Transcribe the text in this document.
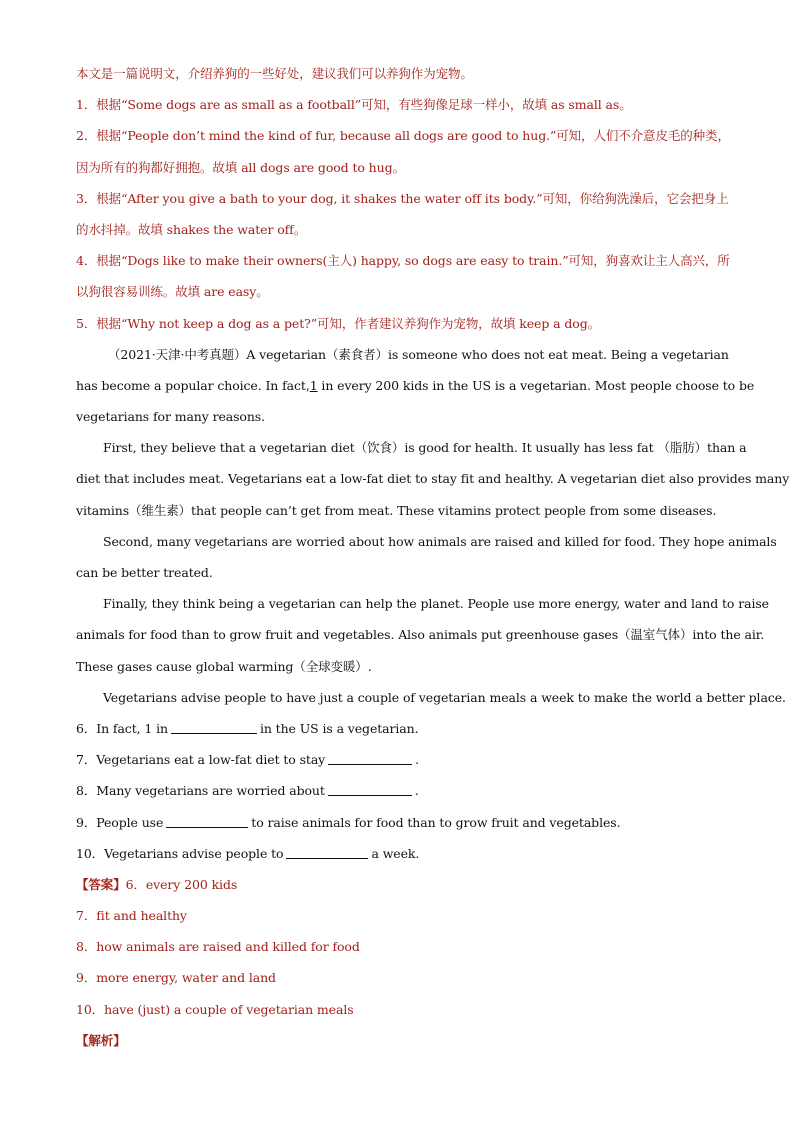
本文是一篇说明文，介绍养狗的一些好处，建议我们可以养狗作为宠物。
1．根据“Some dogs are as small as a football”可知，有些狗像足球一样小，故填 as small as。
2．根据“People don’t mind the kind of fur, because all dogs are good to hug.”可知，人们不介意皮毛的种类，
因为所有的狗都好拥抱。故填 all dogs are good to hug。
3．根据“After you give a bath to your dog, it shakes the water off its body.”可知，你给狗洗澡后，它会把身上
的水抖掉。故填 shakes the water off。
4．根据“Dogs like to make their owners(主人) happy, so dogs are easy to train.”可知，狗喜欢让主人高兴，所
以狗很容易训练。故填 are easy。
5．根据“Why not keep a dog as a pet?”可知，作者建议养狗作为宠物，故填 keep a dog。
（2021·天津·中考真题）A vegetarian（素食者）is someone who does not eat meat. Being a vegetarian
has become a popular choice. In fact,1 in every 200 kids in the US is a vegetarian. Most people choose to be
vegetarians for many reasons.
First, they believe that a vegetarian diet（饮食）is good for health. It usually has less fat （脂肪）than a
diet that includes meat. Vegetarians eat a low-fat diet to stay fit and healthy. A vegetarian diet also provides many
vitamins（维生素）that people can’t get from meat. These vitamins protect people from some diseases.
Second, many vegetarians are worried about how animals are raised and killed for food. They hope animals
can be better treated.
Finally, they think being a vegetarian can help the planet. People use more energy, water and land to raise
animals for food than to grow fruit and vegetables. Also animals put greenhouse gases（温室气体）into the air.
These gases cause global warming（全球变暖）.
Vegetarians advise people to have just a couple of vegetarian meals a week to make the world a better place.
6．In fact, 1 in	in the US is a vegetarian.
7．Vegetarians eat a low-fat diet to stay	.
8．Many vegetarians are worried about	.
9．People use	to raise animals for food than to grow fruit and vegetables.
10．Vegetarians advise people to	a week.
【答案】6．every 200 kids
7．fit and healthy
8．how animals are raised and killed for food
9．more energy, water and land
10．have (just) a couple of vegetarian meals
【解析】
